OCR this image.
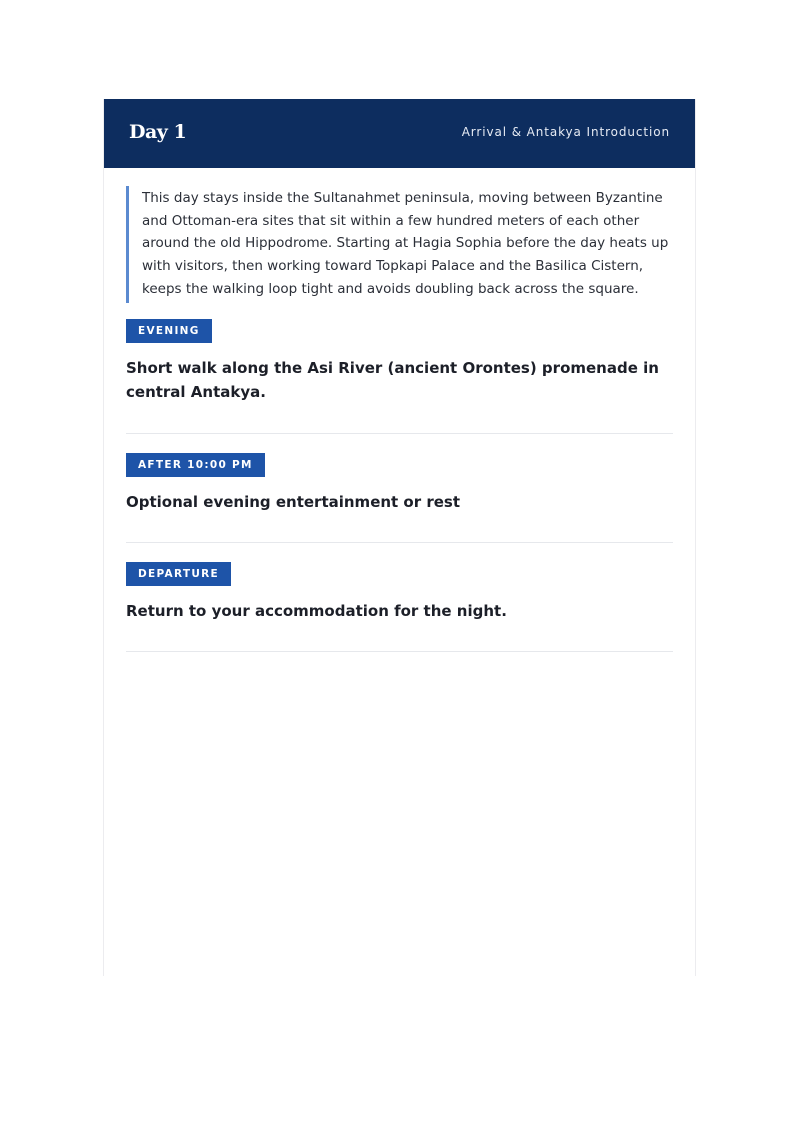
Day 1	Arrival & Antakya Introduction

This day stays inside the Sultanahmet peninsula, moving between Byzantine and Ottoman-era sites that sit within a few hundred meters of each other around the old Hippodrome. Starting at Hagia Sophia before the day heats up with visitors, then working toward Topkapi Palace and the Basilica Cistern, keeps the walking loop tight and avoids doubling back across the square.

EVENING

Short walk along the Asi River (ancient Orontes) promenade in central Antakya.

AFTER 10:00 PM

Optional evening entertainment or rest

DEPARTURE

Return to your accommodation for the night.
